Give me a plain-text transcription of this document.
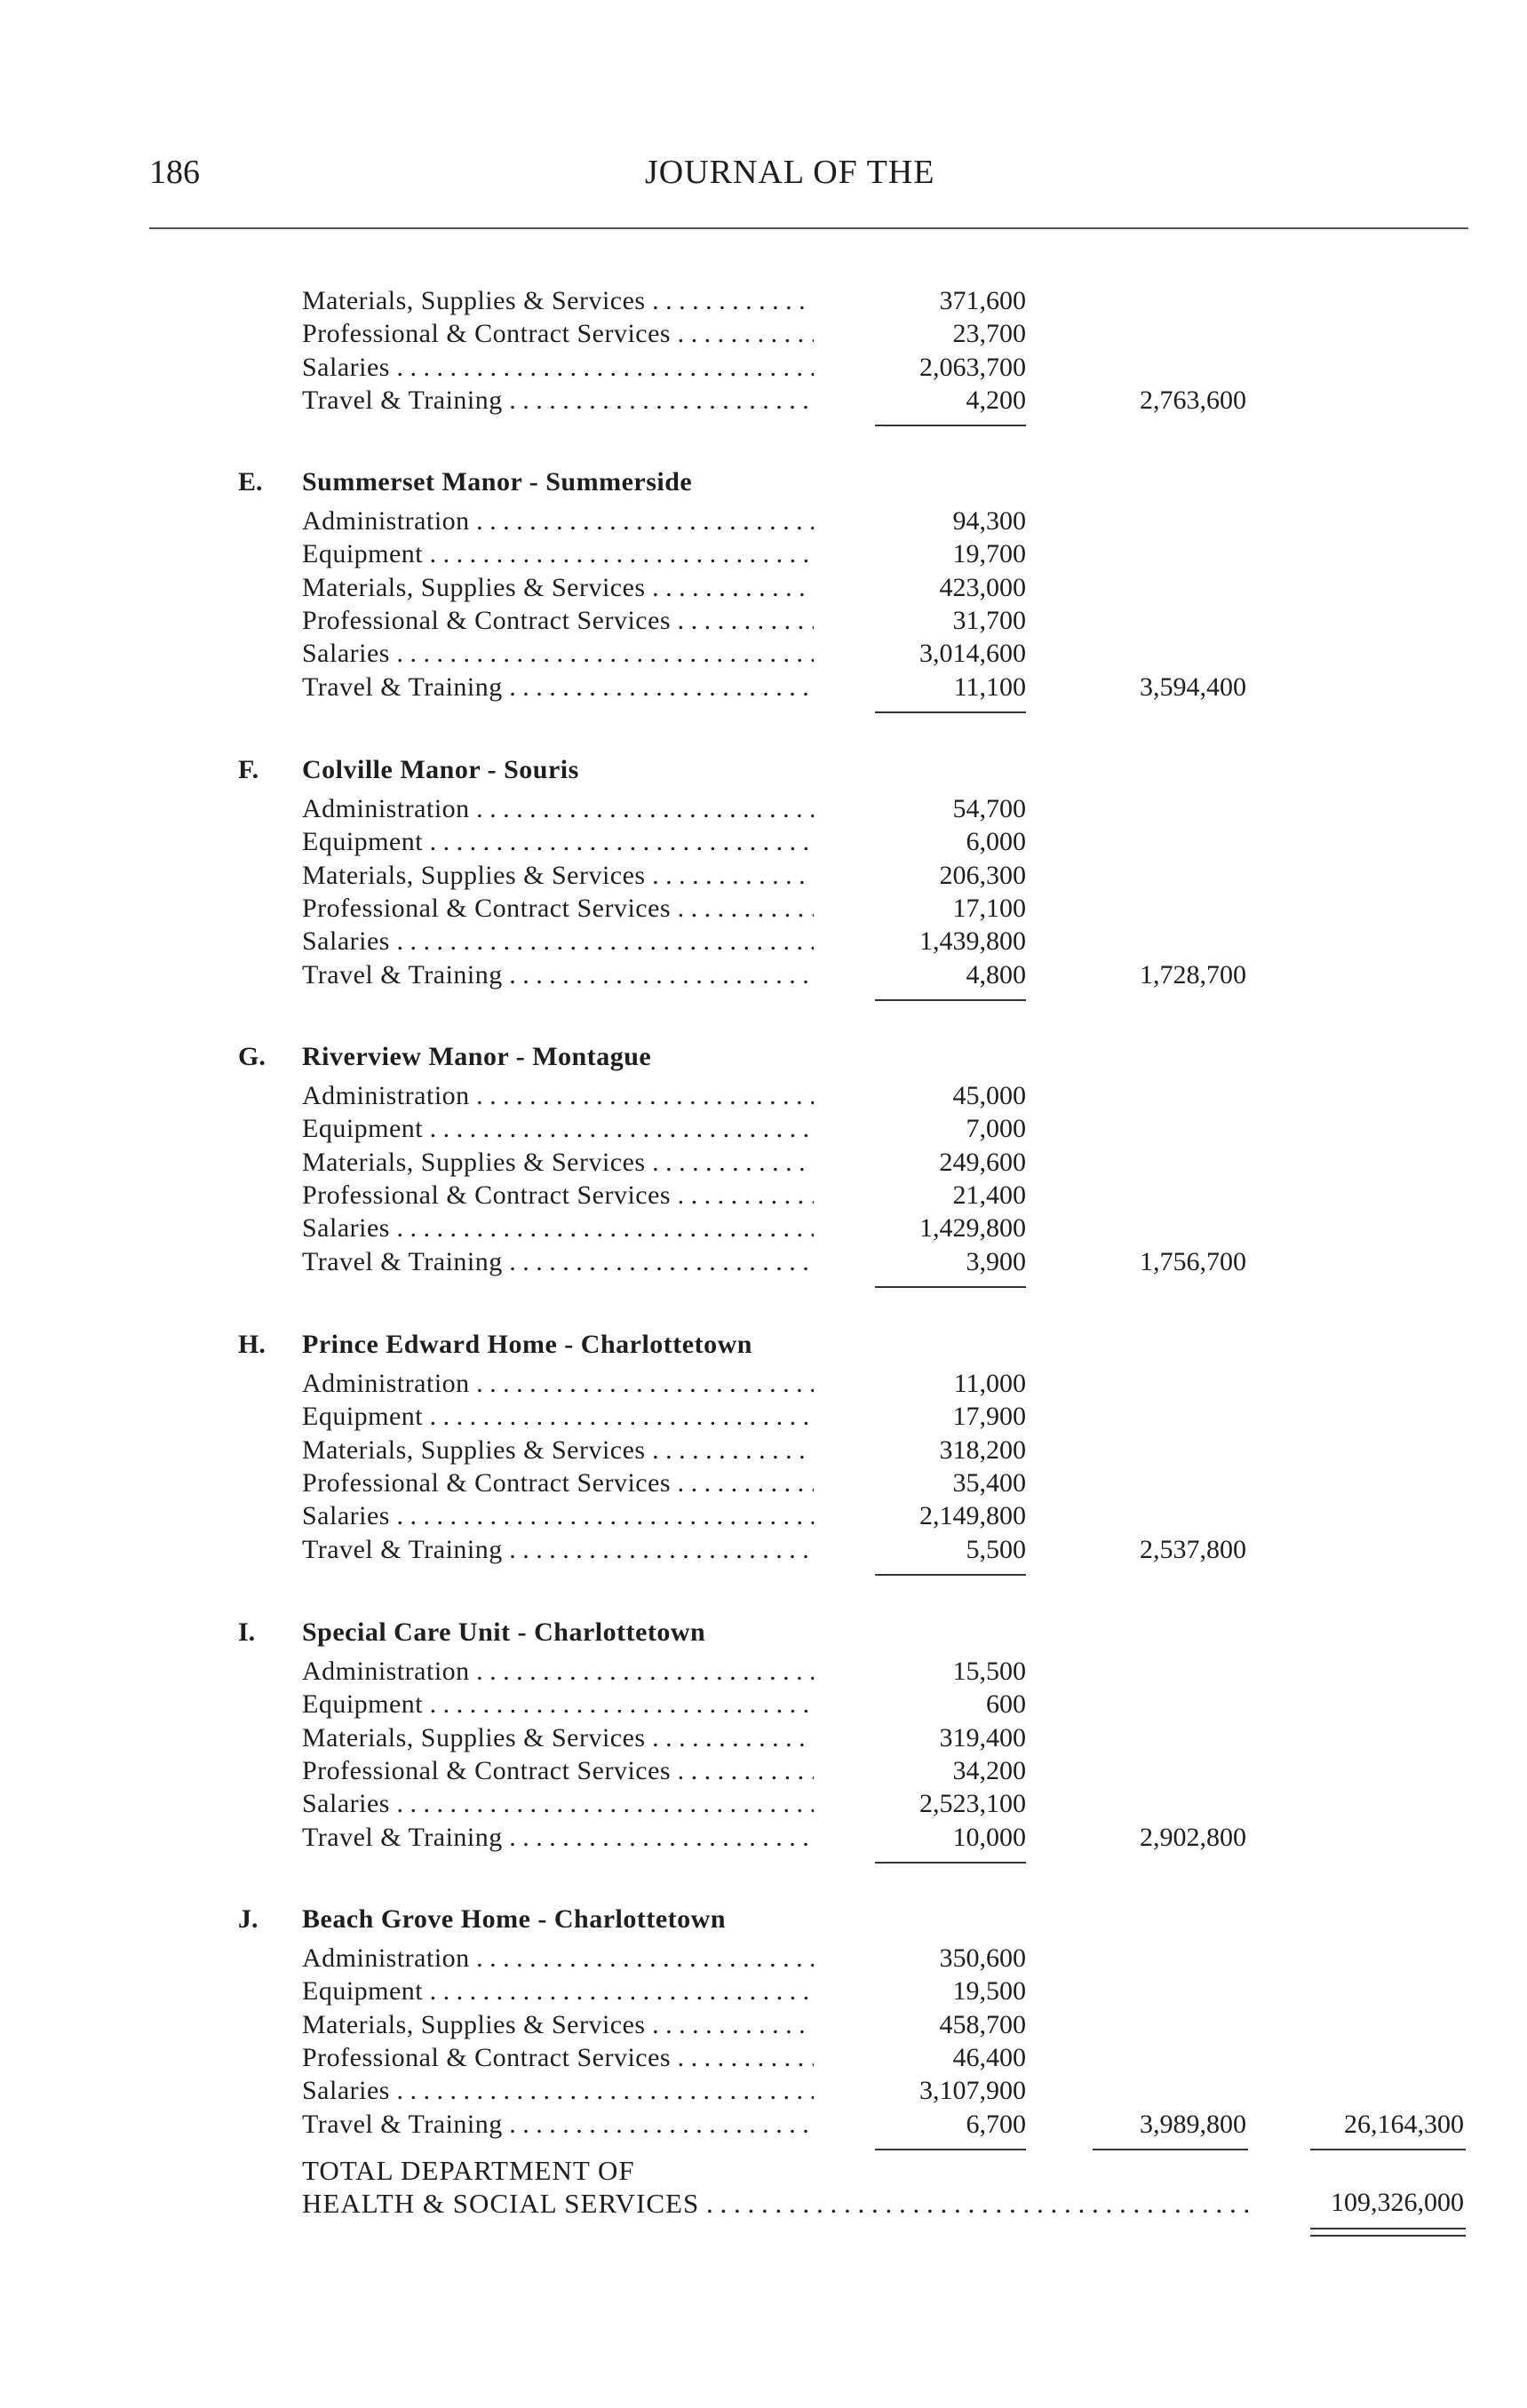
186	JOURNAL OF THE
Materials, Supplies & Services . . .	371,600
Professional & Contract Services . . .	23,700
Salaries . . .	2,063,700
Travel & Training . . .	4,200	2,763,600
E. Summerset Manor - Summerside
Administration . . .	94,300
Equipment . . .	19,700
Materials, Supplies & Services . . .	423,000
Professional & Contract Services . . .	31,700
Salaries . . .	3,014,600
Travel & Training . . .	11,100	3,594,400
F. Colville Manor - Souris
Administration . . .	54,700
Equipment . . .	6,000
Materials, Supplies & Services . . .	206,300
Professional & Contract Services . . .	17,100
Salaries . . .	1,439,800
Travel & Training . . .	4,800	1,728,700
G. Riverview Manor - Montague
Administration . . .	45,000
Equipment . . .	7,000
Materials, Supplies & Services . . .	249,600
Professional & Contract Services . . .	21,400
Salaries . . .	1,429,800
Travel & Training . . .	3,900	1,756,700
H. Prince Edward Home - Charlottetown
Administration . . .	11,000
Equipment . . .	17,900
Materials, Supplies & Services . . .	318,200
Professional & Contract Services . . .	35,400
Salaries . . .	2,149,800
Travel & Training . . .	5,500	2,537,800
I. Special Care Unit - Charlottetown
Administration . . .	15,500
Equipment . . .	600
Materials, Supplies & Services . . .	319,400
Professional & Contract Services . . .	34,200
Salaries . . .	2,523,100
Travel & Training . . .	10,000	2,902,800
J. Beach Grove Home - Charlottetown
Administration . . .	350,600
Equipment . . .	19,500
Materials, Supplies & Services . . .	458,700
Professional & Contract Services . . .	46,400
Salaries . . .	3,107,900
Travel & Training . . .	6,700	3,989,800	26,164,300
TOTAL DEPARTMENT OF
HEALTH & SOCIAL SERVICES . . .	109,326,000
